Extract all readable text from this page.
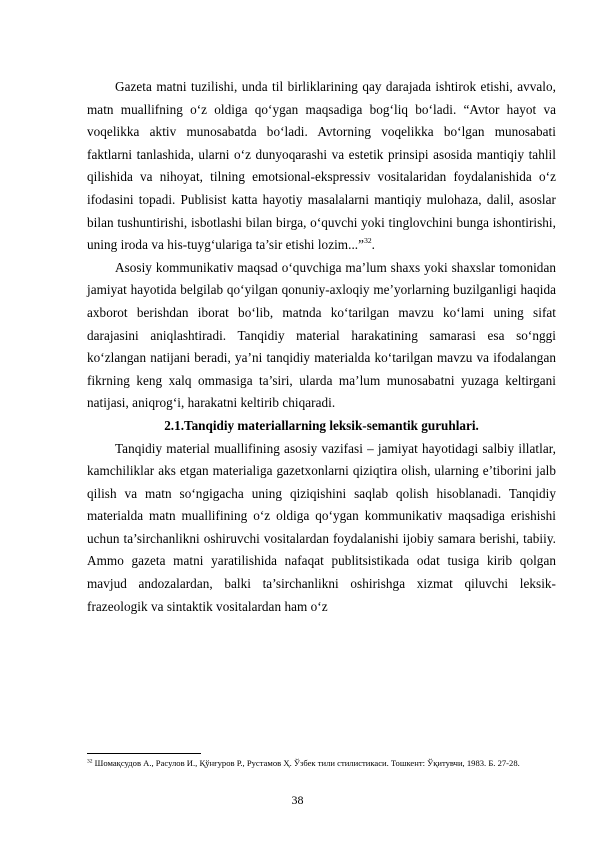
Gazeta matni tuzilishi, unda til birliklarining qay darajada ishtirok etishi, avvalo, matn muallifning o‘z oldiga qo‘ygan maqsadiga bog‘liq bo‘ladi. “Avtor hayot va voqelikka aktiv munosabatda bo‘ladi. Avtorning voqelikka bo‘lgan munosabati faktlarni tanlashida, ularni o‘z dunyoqarashi va estetik prinsipi asosida mantiqiy tahlil qilishida va nihoyat, tilning emotsional-ekspressiv vositalaridan foydalanishida o‘z ifodasini topadi. Publisist katta hayotiy masalalarni mantiqiy mulohaza, dalil, asoslar bilan tushuntirishi, isbotlashi bilan birga, o‘quvchi yoki tinglovchini bunga ishontirishi, uning iroda va his-tuyg‘ulariga ta’sir etishi lozim...”$^{32}$.

Asosiy kommunikativ maqsad o‘quvchiga ma’lum shaxs yoki shaxslar tomonidan jamiyat hayotida belgilab qo‘yilgan qonuniy-axloqiy me’yorlarning buzilganligi haqida axborot berishdan iborat bo‘lib, matnda ko‘tarilgan mavzu ko‘lami uning sifat darajasini aniqlashtiradi. Tanqidiy material harakatining samarasi esa so‘nggi ko‘zlangan natijani beradi, ya’ni tanqidiy materialda ko‘tarilgan mavzu va ifodalangan fikrning keng xalq ommasiga ta’siri, ularda ma’lum munosabatni yuzaga keltirgani natijasi, aniqrog‘i, harakatni keltirib chiqaradi.

2.1.Tanqidiy materiallarning leksik-semantik guruhlari.

Tanqidiy material muallifining asosiy vazifasi – jamiyat hayotidagi salbiy illatlar, kamchiliklar aks etgan materialiga gazetxonlarni qiziqtira olish, ularning e’tiborini jalb qilish va matn so‘ngigacha uning qiziqishini saqlab qolish hisoblanadi. Tanqidiy materialda matn muallifining o‘z oldiga qo‘ygan kommunikativ maqsadiga erishishi uchun ta’sirchanlikni oshiruvchi vositalardan foydalanishi ijobiy samara berishi, tabiiy. Ammo gazeta matni yaratilishida nafaqat publitsistikada odat tusiga kirib qolgan mavjud andozalardan, balki ta’sirchanlikni oshirishga xizmat qiluvchi leksik-frazeologik va sintaktik vositalardan ham o‘z

$^{32}$ Шомақсудов А., Расулов И., Қўнғуров Р., Рустамов Ҳ. Ўзбек тили стилистикаси. Тошкент: Ўқитувчи, 1983. Б. 27-28.

38
